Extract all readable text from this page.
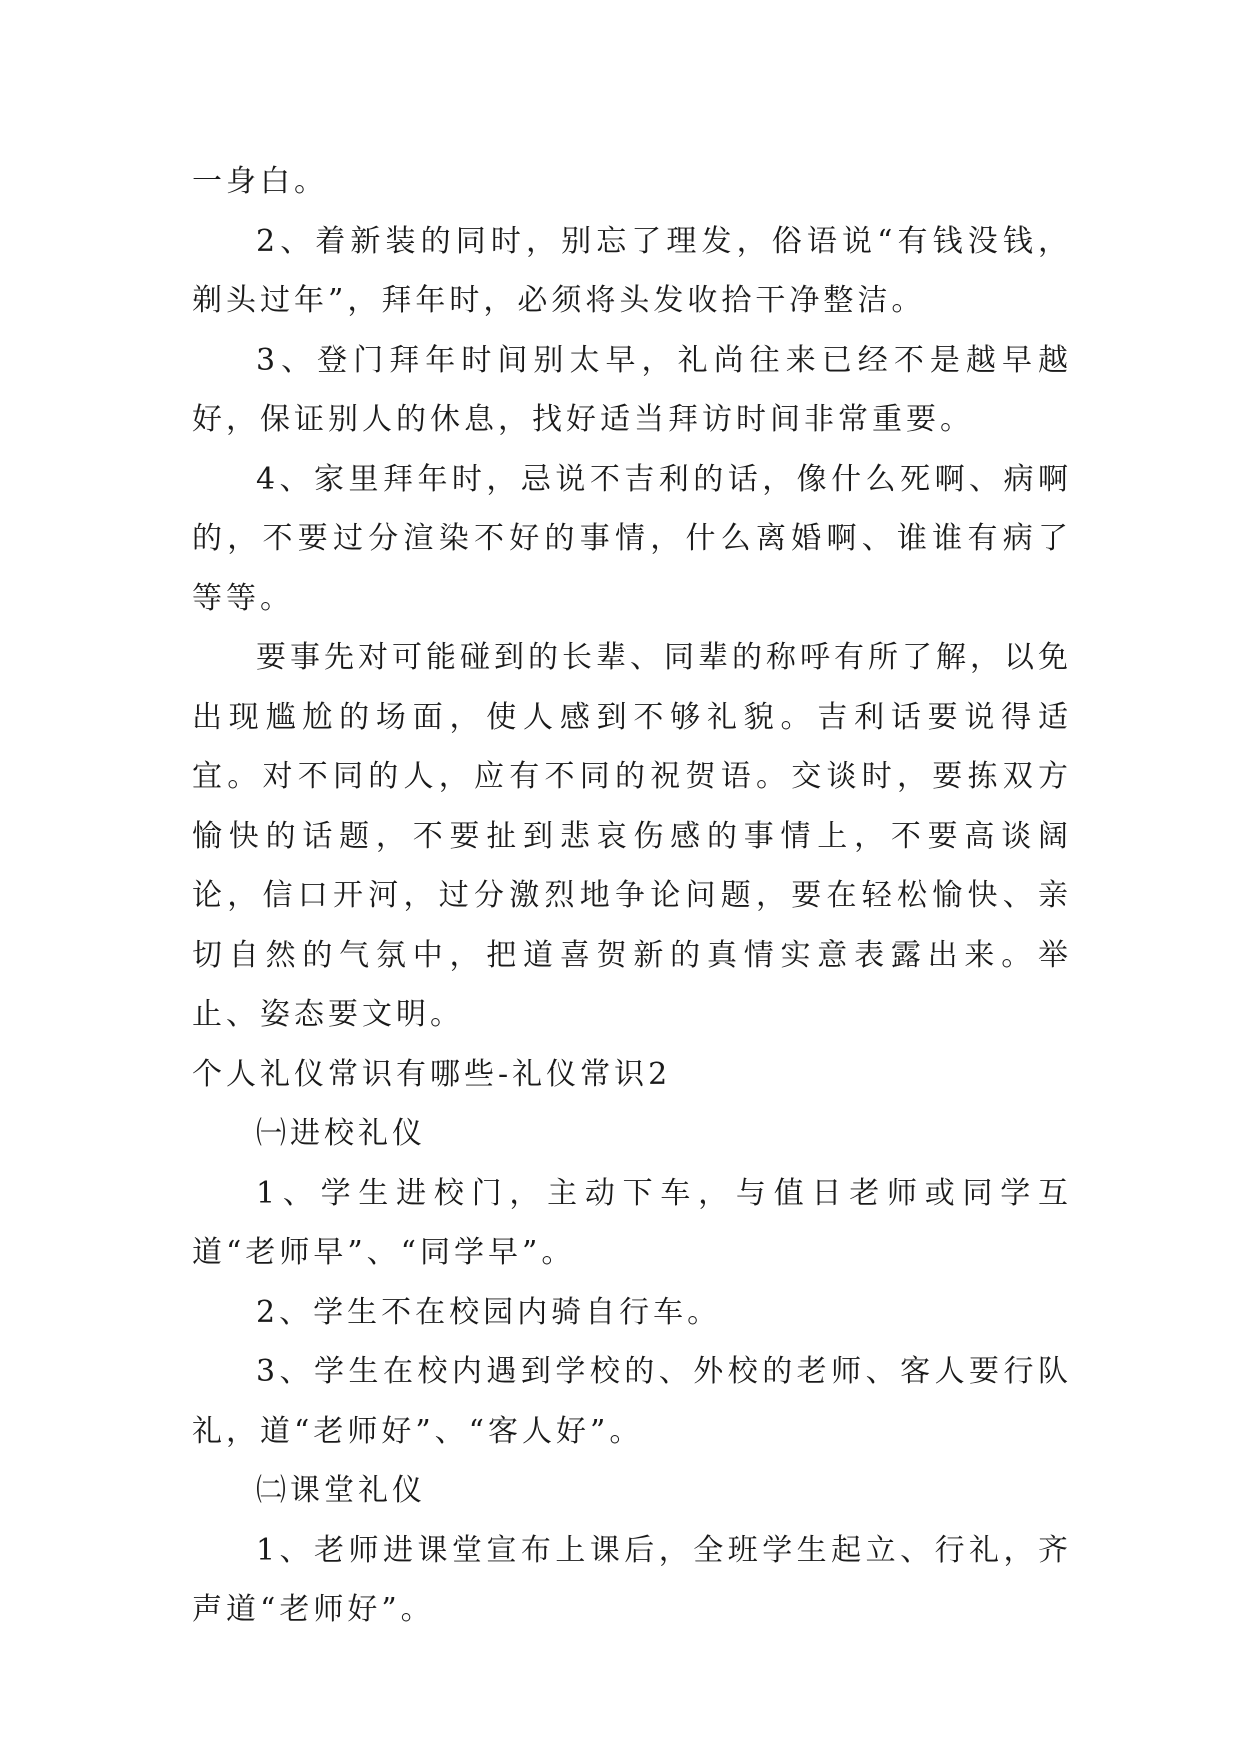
一身白。

2、着新装的同时，别忘了理发，俗语说“有钱没钱，剃头过年”，拜年时，必须将头发收拾干净整洁。

3、登门拜年时间别太早，礼尚往来已经不是越早越好，保证别人的休息，找好适当拜访时间非常重要。

4、家里拜年时，忌说不吉利的话，像什么死啊、病啊的，不要过分渲染不好的事情，什么离婚啊、谁谁有病了等等。

要事先对可能碰到的长辈、同辈的称呼有所了解，以免出现尴尬的场面，使人感到不够礼貌。吉利话要说得适宜。对不同的人，应有不同的祝贺语。交谈时，要拣双方愉快的话题，不要扯到悲哀伤感的事情上，不要高谈阔论，信口开河，过分激烈地争论问题，要在轻松愉快、亲切自然的气氛中，把道喜贺新的真情实意表露出来。举止、姿态要文明。

个人礼仪常识有哪些-礼仪常识2

㈠进校礼仪

1、学生进校门，主动下车，与值日老师或同学互道“老师早”、“同学早”。

2、学生不在校园内骑自行车。

3、学生在校内遇到学校的、外校的老师、客人要行队礼，道“老师好”、“客人好”。

㈡课堂礼仪

1、老师进课堂宣布上课后，全班学生起立、行礼，齐声道“老师好”。
